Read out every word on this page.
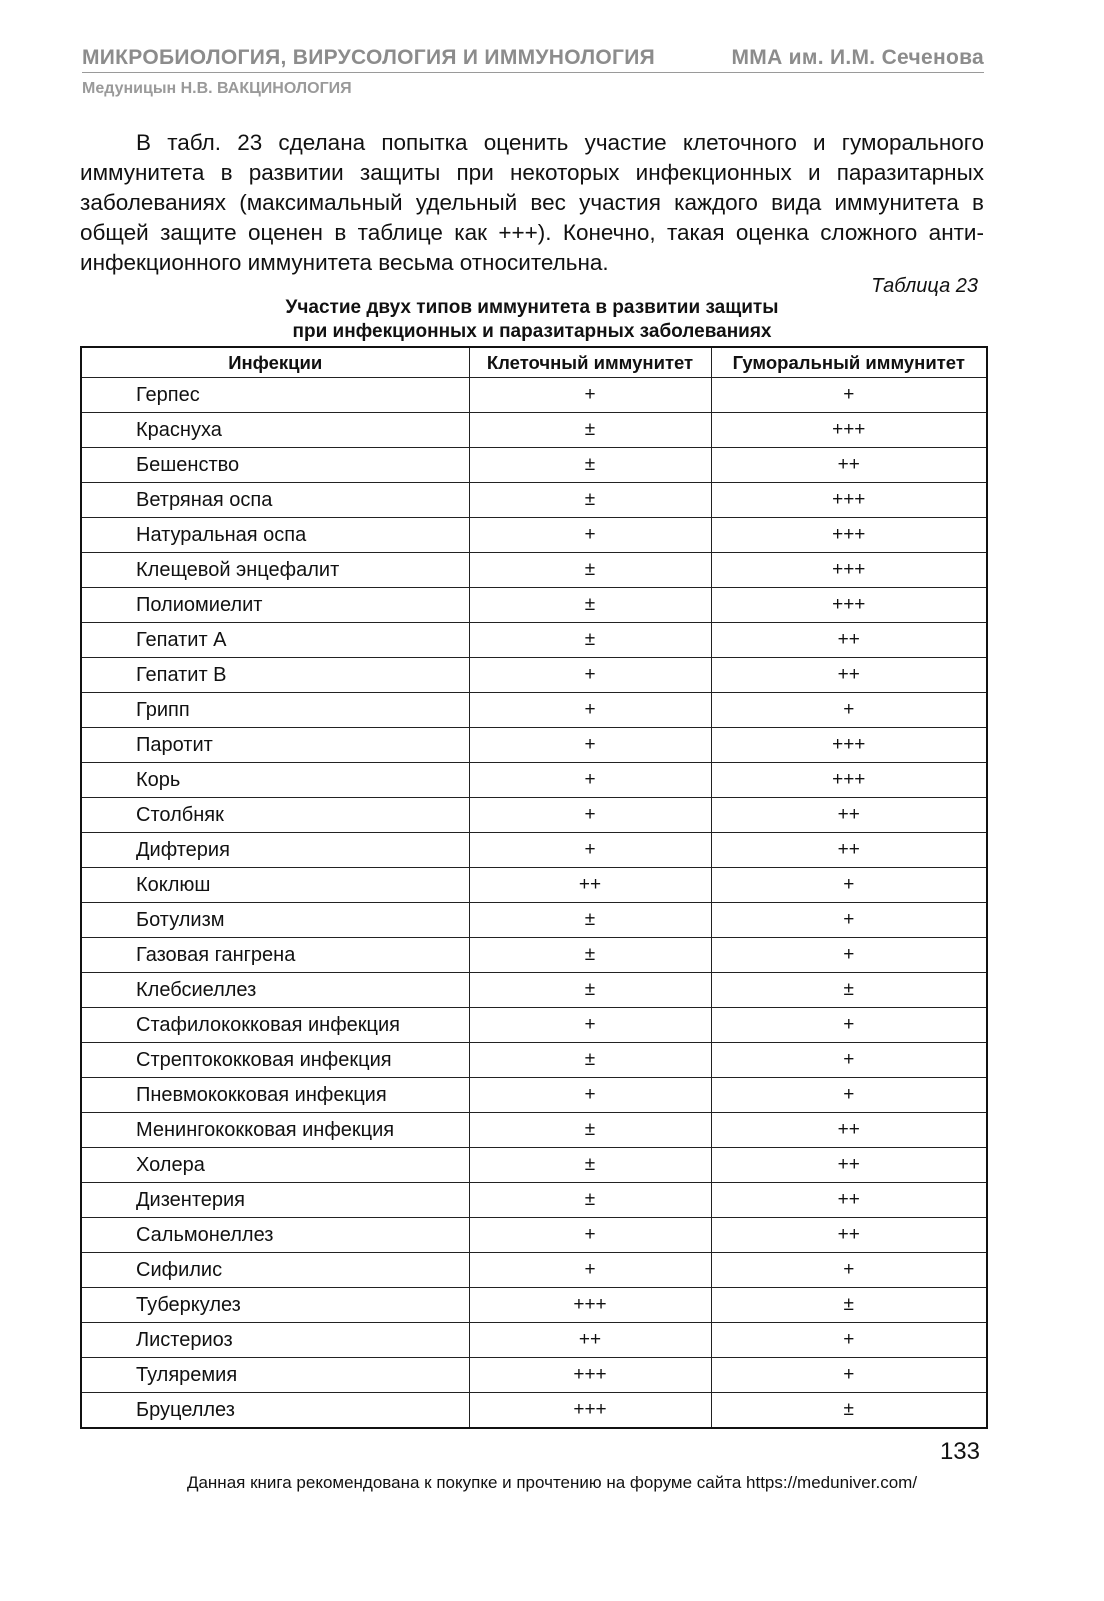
МИКРОБИОЛОГИЯ, ВИРУСОЛОГИЯ И ИММУНОЛОГИЯ	ММА им. И.М. Сеченова
Медуницын Н.В. ВАКЦИНОЛОГИЯ

В табл. 23 сделана попытка оценить участие клеточного и гуморального иммунитета в развитии защиты при некоторых инфекционных и паразитарных заболеваниях (максимальный удельный вес участия каждого вида иммунитета в общей защите оценен в таблице как +++). Конечно, такая оценка сложного антиинфекционного иммунитета весьма относительна.

Таблица 23
Участие двух типов иммунитета в развитии защиты
при инфекционных и паразитарных заболеваниях
Инфекции	Клеточный иммунитет	Гуморальный иммунитет
Герпес	+	+
Краснуха	±	+++
Бешенство	±	++
Ветряная оспа	±	+++
Натуральная оспа	+	+++
Клещевой энцефалит	±	+++
Полиомиелит	±	+++
Гепатит А	±	++
Гепатит В	+	++
Грипп	+	+
Паротит	+	+++
Корь	+	+++
Столбняк	+	++
Дифтерия	+	++
Коклюш	++	+
Ботулизм	±	+
Газовая гангрена	±	+
Клебсиеллез	±	±
Стафилококковая инфекция	+	+
Стрептококковая инфекция	±	+
Пневмококковая инфекция	+	+
Менингококковая инфекция	±	++
Холера	±	++
Дизентерия	±	++
Сальмонеллез	+	++
Сифилис	+	+
Туберкулез	+++	±
Листериоз	++	+
Туляремия	+++	+
Бруцеллез	+++	±
133
Данная книга рекомендована к покупке и прочтению на форуме сайта https://meduniver.com/
